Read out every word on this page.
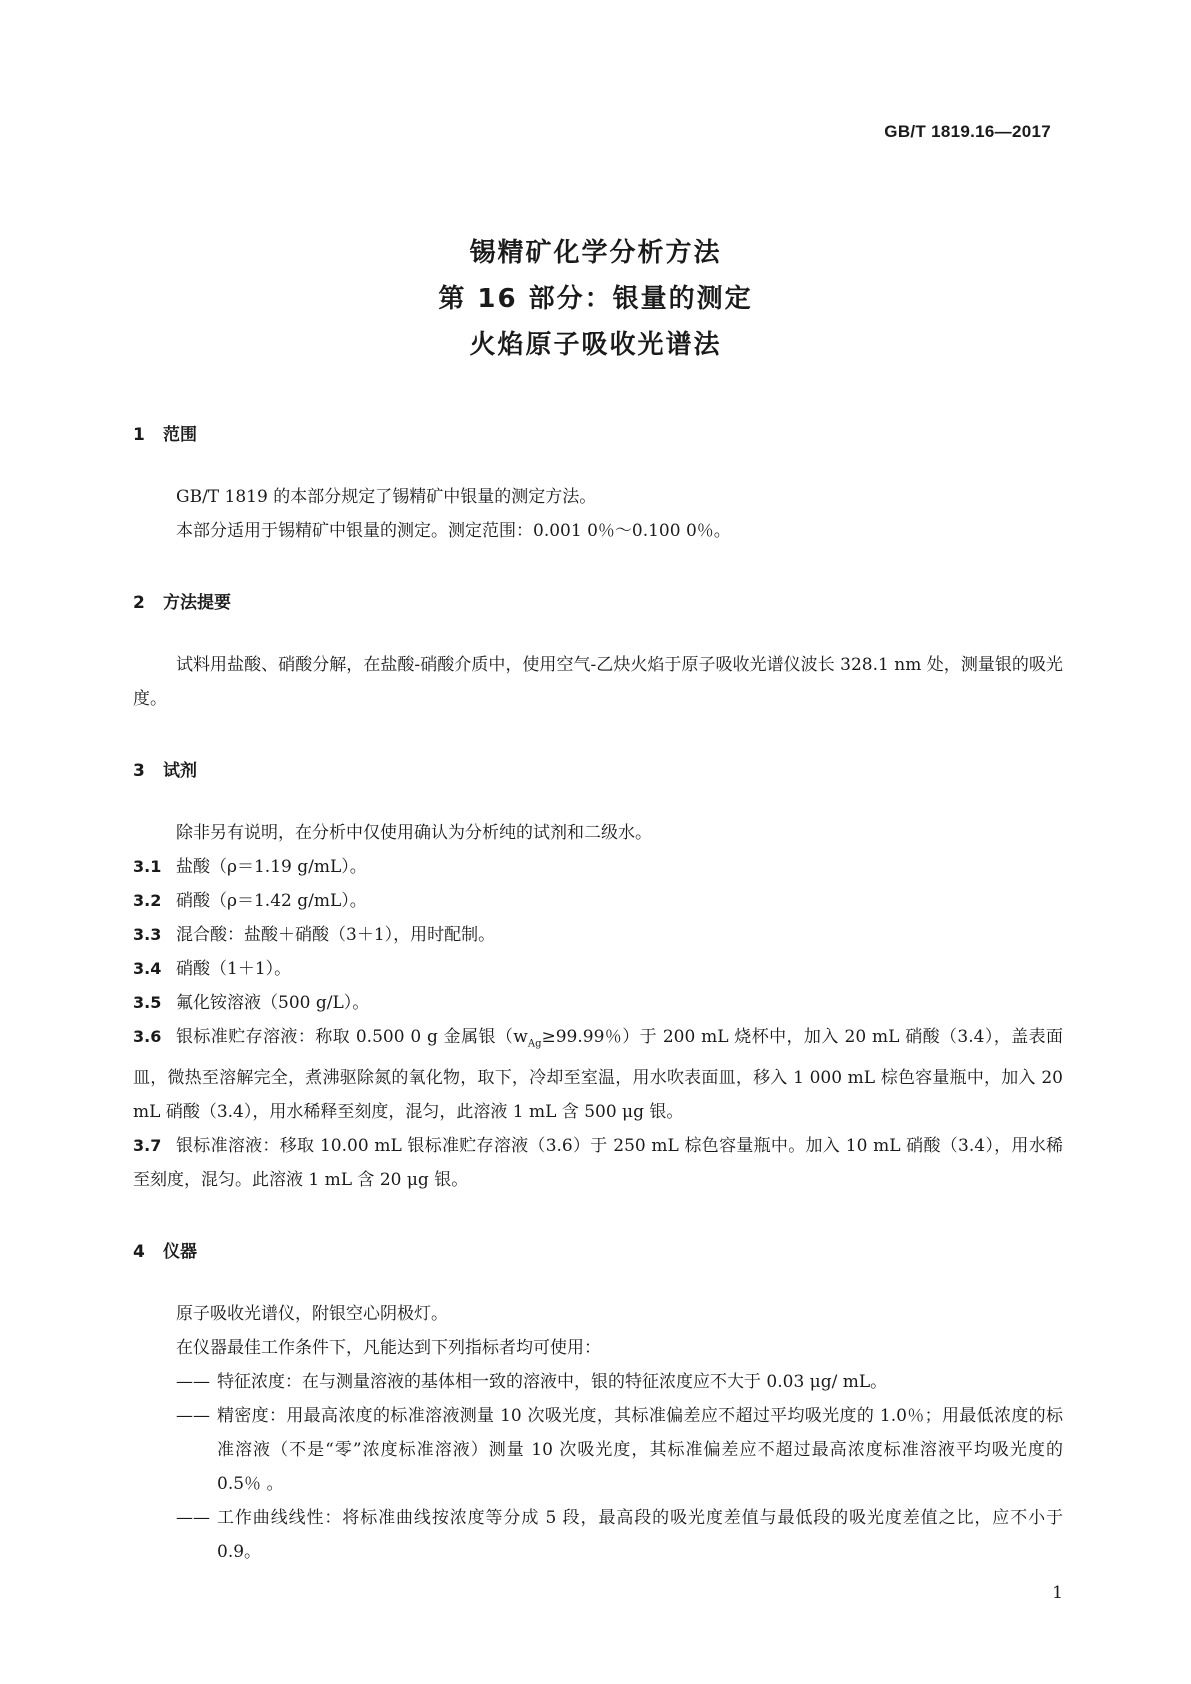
GB/T 1819.16—2017
锡精矿化学分析方法
第 16 部分：银量的测定
火焰原子吸收光谱法
1 范围
GB/T 1819 的本部分规定了锡精矿中银量的测定方法。
本部分适用于锡精矿中银量的测定。测定范围：0.001 0％～0.100 0％。
2 方法提要
试料用盐酸、硝酸分解，在盐酸-硝酸介质中，使用空气-乙炔火焰于原子吸收光谱仪波长 328.1 nm 处，测量银的吸光度。
3 试剂
除非另有说明，在分析中仅使用确认为分析纯的试剂和二级水。
3.1 盐酸（ρ＝1.19 g/mL）。
3.2 硝酸（ρ＝1.42 g/mL）。
3.3 混合酸：盐酸＋硝酸（3＋1），用时配制。
3.4 硝酸（1＋1）。
3.5 氟化铵溶液（500 g/L）。
3.6 银标准贮存溶液：称取 0.500 0 g 金属银（$w_{Ag}\ge 99.99$％）于 200 mL 烧杯中，加入 20 mL 硝酸（3.4），盖表面皿，微热至溶解完全，煮沸驱除氮的氧化物，取下，冷却至室温，用水吹表面皿，移入 1 000 mL 棕色容量瓶中，加入 20 mL 硝酸（3.4），用水稀释至刻度，混匀，此溶液 1 mL 含 500 μg 银。
3.7 银标准溶液：移取 10.00 mL 银标准贮存溶液（3.6）于 250 mL 棕色容量瓶中。加入 10 mL 硝酸（3.4），用水稀至刻度，混匀。此溶液 1 mL 含 20 μg 银。
4 仪器
原子吸收光谱仪，附银空心阴极灯。
在仪器最佳工作条件下，凡能达到下列指标者均可使用：
—— 特征浓度：在与测量溶液的基体相一致的溶液中，银的特征浓度应不大于 0.03 μg/ mL。
—— 精密度：用最高浓度的标准溶液测量 10 次吸光度，其标准偏差应不超过平均吸光度的 1.0％；用最低浓度的标准溶液（不是“零”浓度标准溶液）测量 10 次吸光度，其标准偏差应不超过最高浓度标准溶液平均吸光度的 0.5％ 。
—— 工作曲线线性：将标准曲线按浓度等分成 5 段，最高段的吸光度差值与最低段的吸光度差值之比，应不小于 0.9。
1
